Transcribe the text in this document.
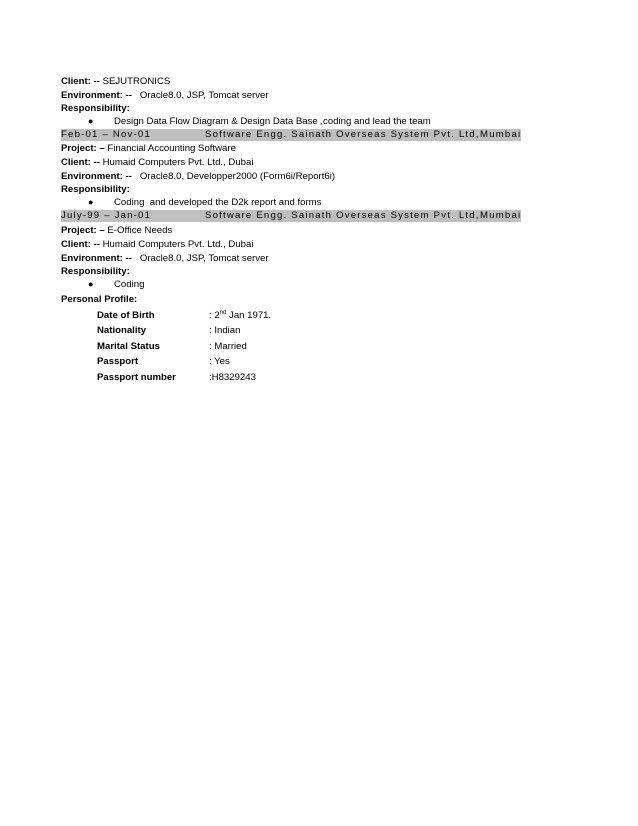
Client: -- SEJUTRONICS
Environment: --   Oracle8.0, JSP, Tomcat server
Responsibility:
● Design Data Flow Diagram & Design Data Base ,coding and lead the team
Feb-01 – Nov-01	Software Engg. Sainath Overseas System Pvt. Ltd, Mumbai
Project: – Financial Accounting Software
Client: -- Humaid Computers Pvt. Ltd., Dubai
Environment: --   Oracle8.0, Developper2000 (Form6i/Report6i)
Responsibility:
● Coding  and developed the D2k report and forms
July-99 – Jan-01	Software Engg. Sainath Overseas System Pvt. Ltd, Mumbai
Project: – E-Office Needs
Client: -- Humaid Computers Pvt. Ltd., Dubai
Environment: --   Oracle8.0, JSP, Tomcat server
Responsibility:
● Coding
Personal Profile:
Date of Birth	: 2nd Jan 1971.
Nationality	: Indian
Marital Status	: Married
Passport	: Yes
Passport number	:H8329243
